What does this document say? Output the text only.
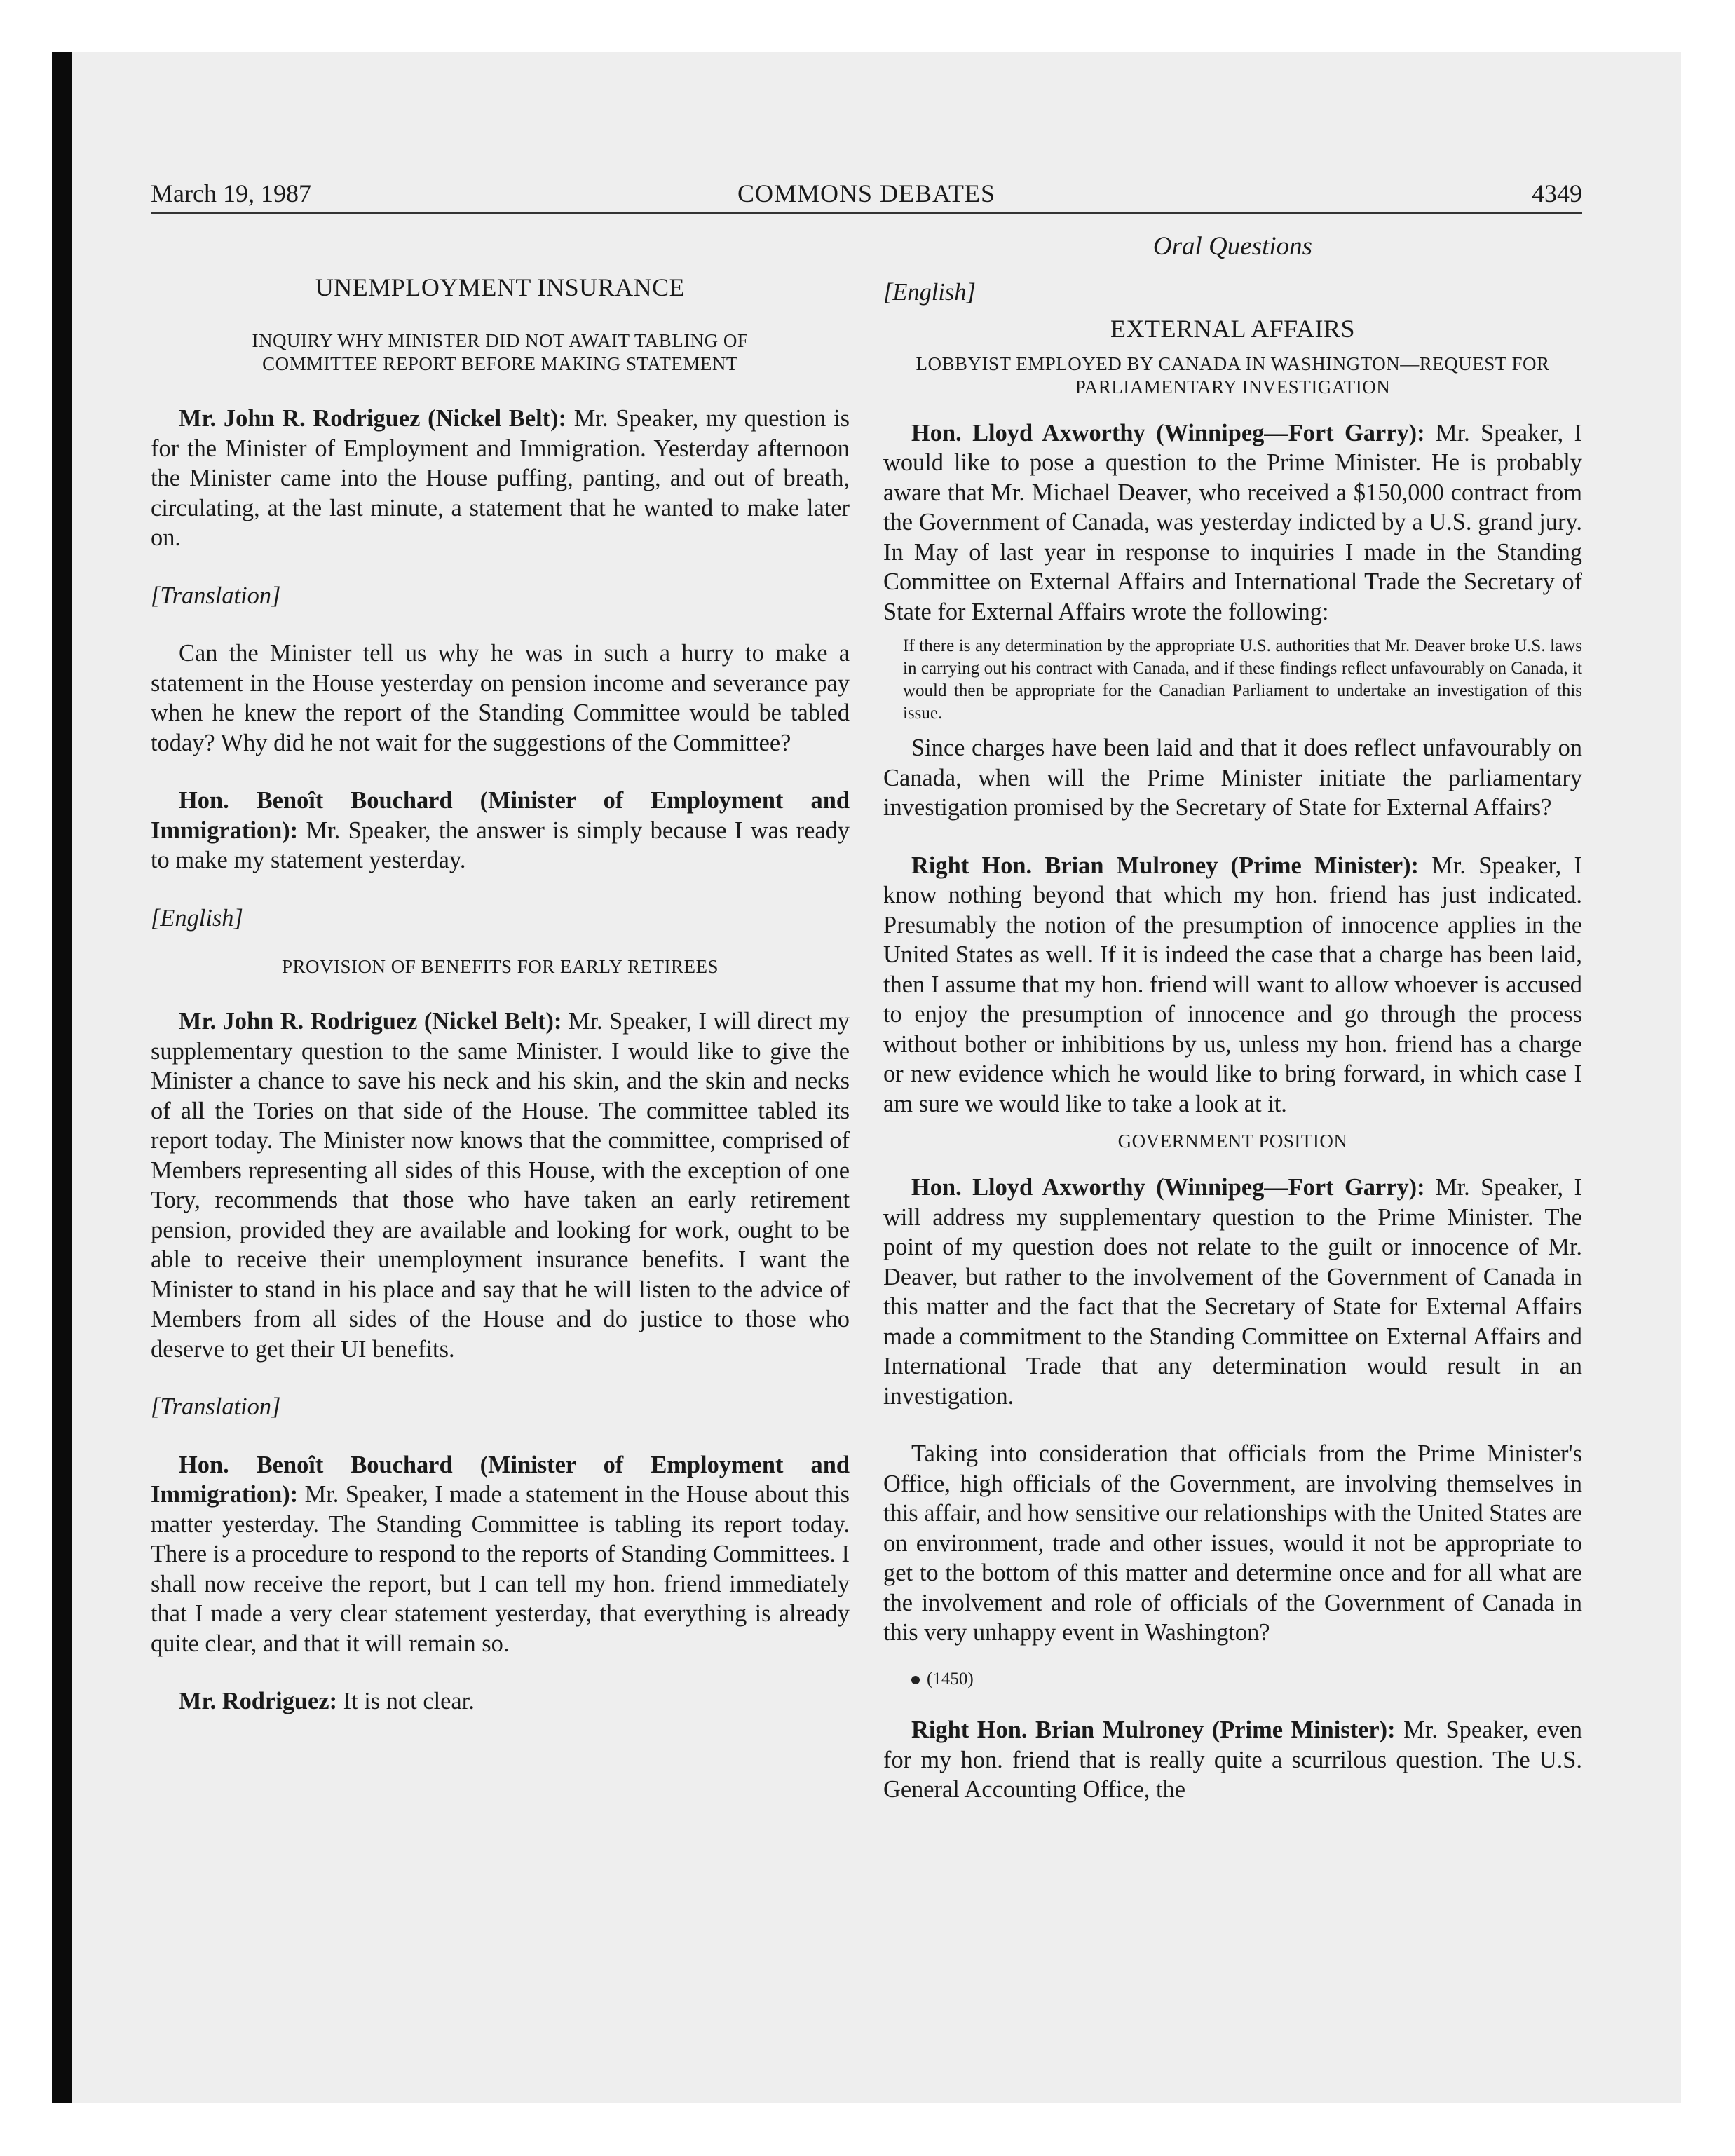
March 19, 1987	COMMONS DEBATES	4349
Oral Questions
UNEMPLOYMENT INSURANCE
INQUIRY WHY MINISTER DID NOT AWAIT TABLING OF COMMITTEE REPORT BEFORE MAKING STATEMENT

Mr. John R. Rodriguez (Nickel Belt): Mr. Speaker, my question is for the Minister of Employment and Immigration. Yesterday afternoon the Minister came into the House puffing, panting, and out of breath, circulating, at the last minute, a statement that he wanted to make later on.

[Translation]

Can the Minister tell us why he was in such a hurry to make a statement in the House yesterday on pension income and severance pay when he knew the report of the Standing Committee would be tabled today? Why did he not wait for the suggestions of the Committee?

Hon. Benoît Bouchard (Minister of Employment and Immigration): Mr. Speaker, the answer is simply because I was ready to make my statement yesterday.

[English]

PROVISION OF BENEFITS FOR EARLY RETIREES

Mr. John R. Rodriguez (Nickel Belt): Mr. Speaker, I will direct my supplementary question to the same Minister. I would like to give the Minister a chance to save his neck and his skin, and the skin and necks of all the Tories on that side of the House. The committee tabled its report today. The Minister now knows that the committee, comprised of Members representing all sides of this House, with the exception of one Tory, recommends that those who have taken an early retirement pension, provided they are available and looking for work, ought to be able to receive their unemployment insurance benefits. I want the Minister to stand in his place and say that he will listen to the advice of Members from all sides of the House and do justice to those who deserve to get their UI benefits.

[Translation]

Hon. Benoît Bouchard (Minister of Employment and Immigration): Mr. Speaker, I made a statement in the House about this matter yesterday. The Standing Committee is tabling its report today. There is a procedure to respond to the reports of Standing Committees. I shall now receive the report, but I can tell my hon. friend immediately that I made a very clear statement yesterday, that everything is already quite clear, and that it will remain so.

Mr. Rodriguez: It is not clear.

[English]

EXTERNAL AFFAIRS
LOBBYIST EMPLOYED BY CANADA IN WASHINGTON—REQUEST FOR PARLIAMENTARY INVESTIGATION

Hon. Lloyd Axworthy (Winnipeg—Fort Garry): Mr. Speaker, I would like to pose a question to the Prime Minister. He is probably aware that Mr. Michael Deaver, who received a $150,000 contract from the Government of Canada, was yesterday indicted by a U.S. grand jury. In May of last year in response to inquiries I made in the Standing Committee on External Affairs and International Trade the Secretary of State for External Affairs wrote the following:

If there is any determination by the appropriate U.S. authorities that Mr. Deaver broke U.S. laws in carrying out his contract with Canada, and if these findings reflect unfavourably on Canada, it would then be appropriate for the Canadian Parliament to undertake an investigation of this issue.

Since charges have been laid and that it does reflect unfavourably on Canada, when will the Prime Minister initiate the parliamentary investigation promised by the Secretary of State for External Affairs?

Right Hon. Brian Mulroney (Prime Minister): Mr. Speaker, I know nothing beyond that which my hon. friend has just indicated. Presumably the notion of the presumption of innocence applies in the United States as well. If it is indeed the case that a charge has been laid, then I assume that my hon. friend will want to allow whoever is accused to enjoy the presumption of innocence and go through the process without bother or inhibitions by us, unless my hon. friend has a charge or new evidence which he would like to bring forward, in which case I am sure we would like to take a look at it.

GOVERNMENT POSITION

Hon. Lloyd Axworthy (Winnipeg—Fort Garry): Mr. Speaker, I will address my supplementary question to the Prime Minister. The point of my question does not relate to the guilt or innocence of Mr. Deaver, but rather to the involvement of the Government of Canada in this matter and the fact that the Secretary of State for External Affairs made a commitment to the Standing Committee on External Affairs and International Trade that any determination would result in an investigation.

Taking into consideration that officials from the Prime Minister's Office, high officials of the Government, are involving themselves in this affair, and how sensitive our relationships with the United States are on environment, trade and other issues, would it not be appropriate to get to the bottom of this matter and determine once and for all what are the involvement and role of officials of the Government of Canada in this very unhappy event in Washington?

(1450)

Right Hon. Brian Mulroney (Prime Minister): Mr. Speaker, even for my hon. friend that is really quite a scurrilous question. The U.S. General Accounting Office, the
